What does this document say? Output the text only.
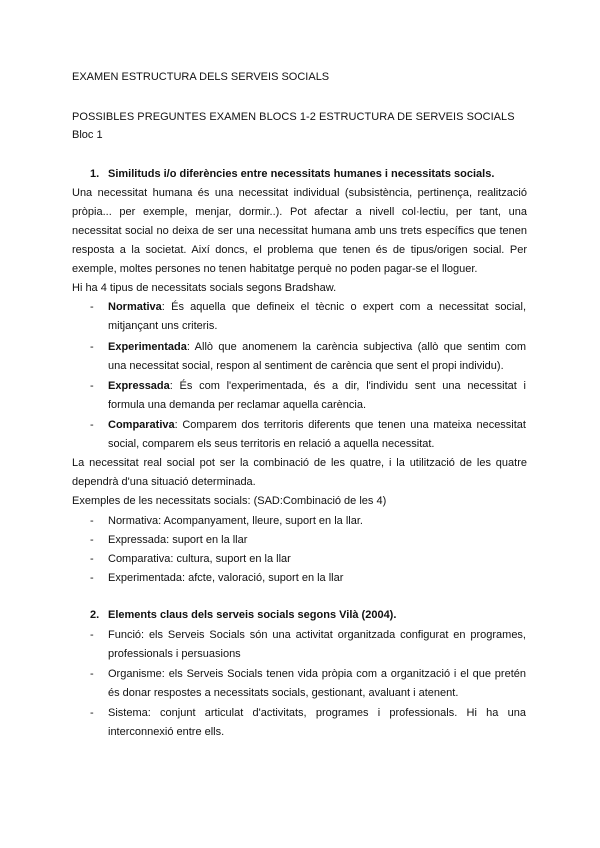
EXAMEN ESTRUCTURA DELS SERVEIS SOCIALS
POSSIBLES PREGUNTES EXAMEN BLOCS 1-2 ESTRUCTURA DE SERVEIS SOCIALS
Bloc 1
1. Similituds i/o diferències entre necessitats humanes i necessitats socials.
Una necessitat humana és una necessitat individual (subsistència, pertinença, realització
pròpia... per exemple, menjar, dormir..). Pot afectar a nivell col·lectiu, per tant, una
necessitat social no deixa de ser una necessitat humana amb uns trets específics que tenen
resposta a la societat. Així doncs, el problema que tenen és de tipus/origen social. Per
exemple, moltes persones no tenen habitatge perquè no poden pagar-se el lloguer.
Hi ha 4 tipus de necessitats socials segons Bradshaw.
- Normativa: És aquella que defineix el tècnic o expert com a necessitat social,
mitjançant uns criteris.
- Experimentada: Allò que anomenem la carència subjectiva (allò que sentim com
una necessitat social, respon al sentiment de carència que sent el propi individu).
- Expressada: És com l'experimentada, és a dir, l'individu sent una necessitat i
formula una demanda per reclamar aquella carència.
- Comparativa: Comparem dos territoris diferents que tenen una mateixa necessitat
social, comparem els seus territoris en relació a aquella necessitat.
La necessitat real social pot ser la combinació de les quatre, i la utilització de les quatre
dependrà d'una situació determinada.
Exemples de les necessitats socials: (SAD:Combinació de les 4)
- Normativa: Acompanyament, lleure, suport en la llar.
- Expressada: suport en la llar
- Comparativa: cultura, suport en la llar
- Experimentada: afcte, valoració, suport en la llar
2. Elements claus dels serveis socials segons Vilà (2004).
- Funció: els Serveis Socials són una activitat organitzada configurat en programes,
professionals i persuasions
- Organisme: els Serveis Socials tenen vida pròpia com a organització i el que pretén
és donar respostes a necessitats socials, gestionant, avaluant i atenent.
- Sistema: conjunt articulat d'activitats, programes i professionals. Hi ha una
interconnexió entre ells.
